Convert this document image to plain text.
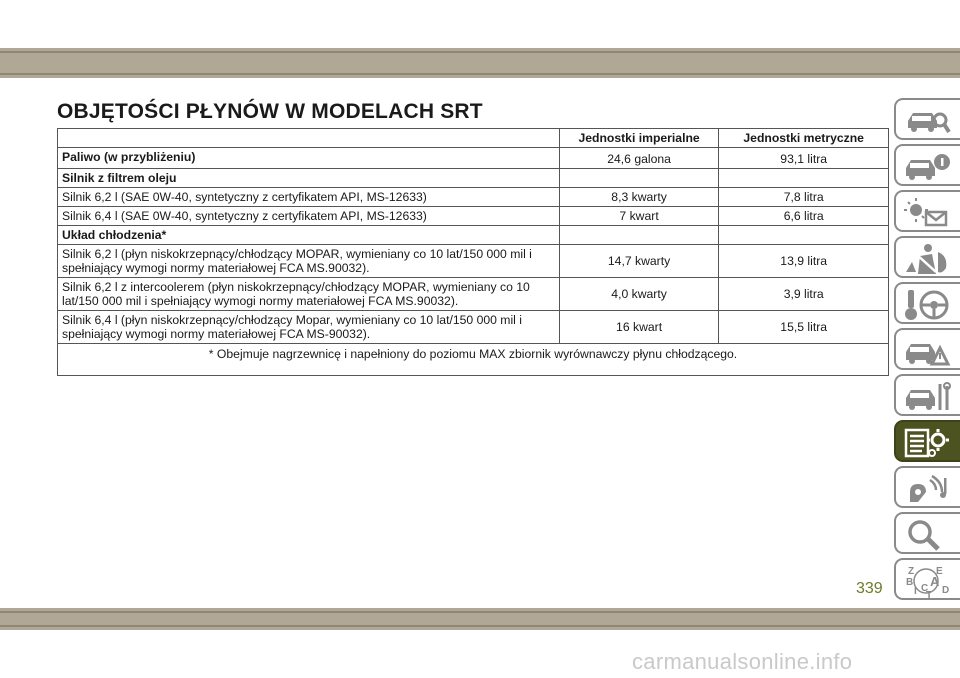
OBJĘTOŚCI PŁYNÓW W MODELACH SRT
	Jednostki imperialne	Jednostki metryczne
Paliwo (w przybliżeniu)	24,6 galona	93,1 litra
Silnik z filtrem oleju		
Silnik 6,2 l (SAE 0W-40, syntetyczny z certyfikatem API, MS-12633)	8,3 kwarty	7,8 litra
Silnik 6,4 l (SAE 0W-40, syntetyczny z certyfikatem API, MS-12633)	7 kwart	6,6 litra
Układ chłodzenia*		
Silnik 6,2 l (płyn niskokrzepnący/chłodzący MOPAR, wymieniany co 10 lat/150 000 mil i spełniający wymogi normy materiałowej FCA MS.90032).	14,7 kwarty	13,9 litra
Silnik 6,2 l z intercoolerem (płyn niskokrzepnący/chłodzący MOPAR, wymieniany co 10 lat/150 000 mil i spełniający wymogi normy materiałowej FCA MS.90032).	4,0 kwarty	3,9 litra
Silnik 6,4 l (płyn niskokrzepnący/chłodzący Mopar, wymieniany co 10 lat/150 000 mil i spełniający wymogi normy materiałowej FCA MS-90032).	16 kwart	15,5 litra
* Obejmuje nagrzewnicę i napełniony do poziomu MAX zbiornik wyrównawczy płynu chłodzącego.		
Z E
B A
I C D
T
339
carmanualsonline.info
